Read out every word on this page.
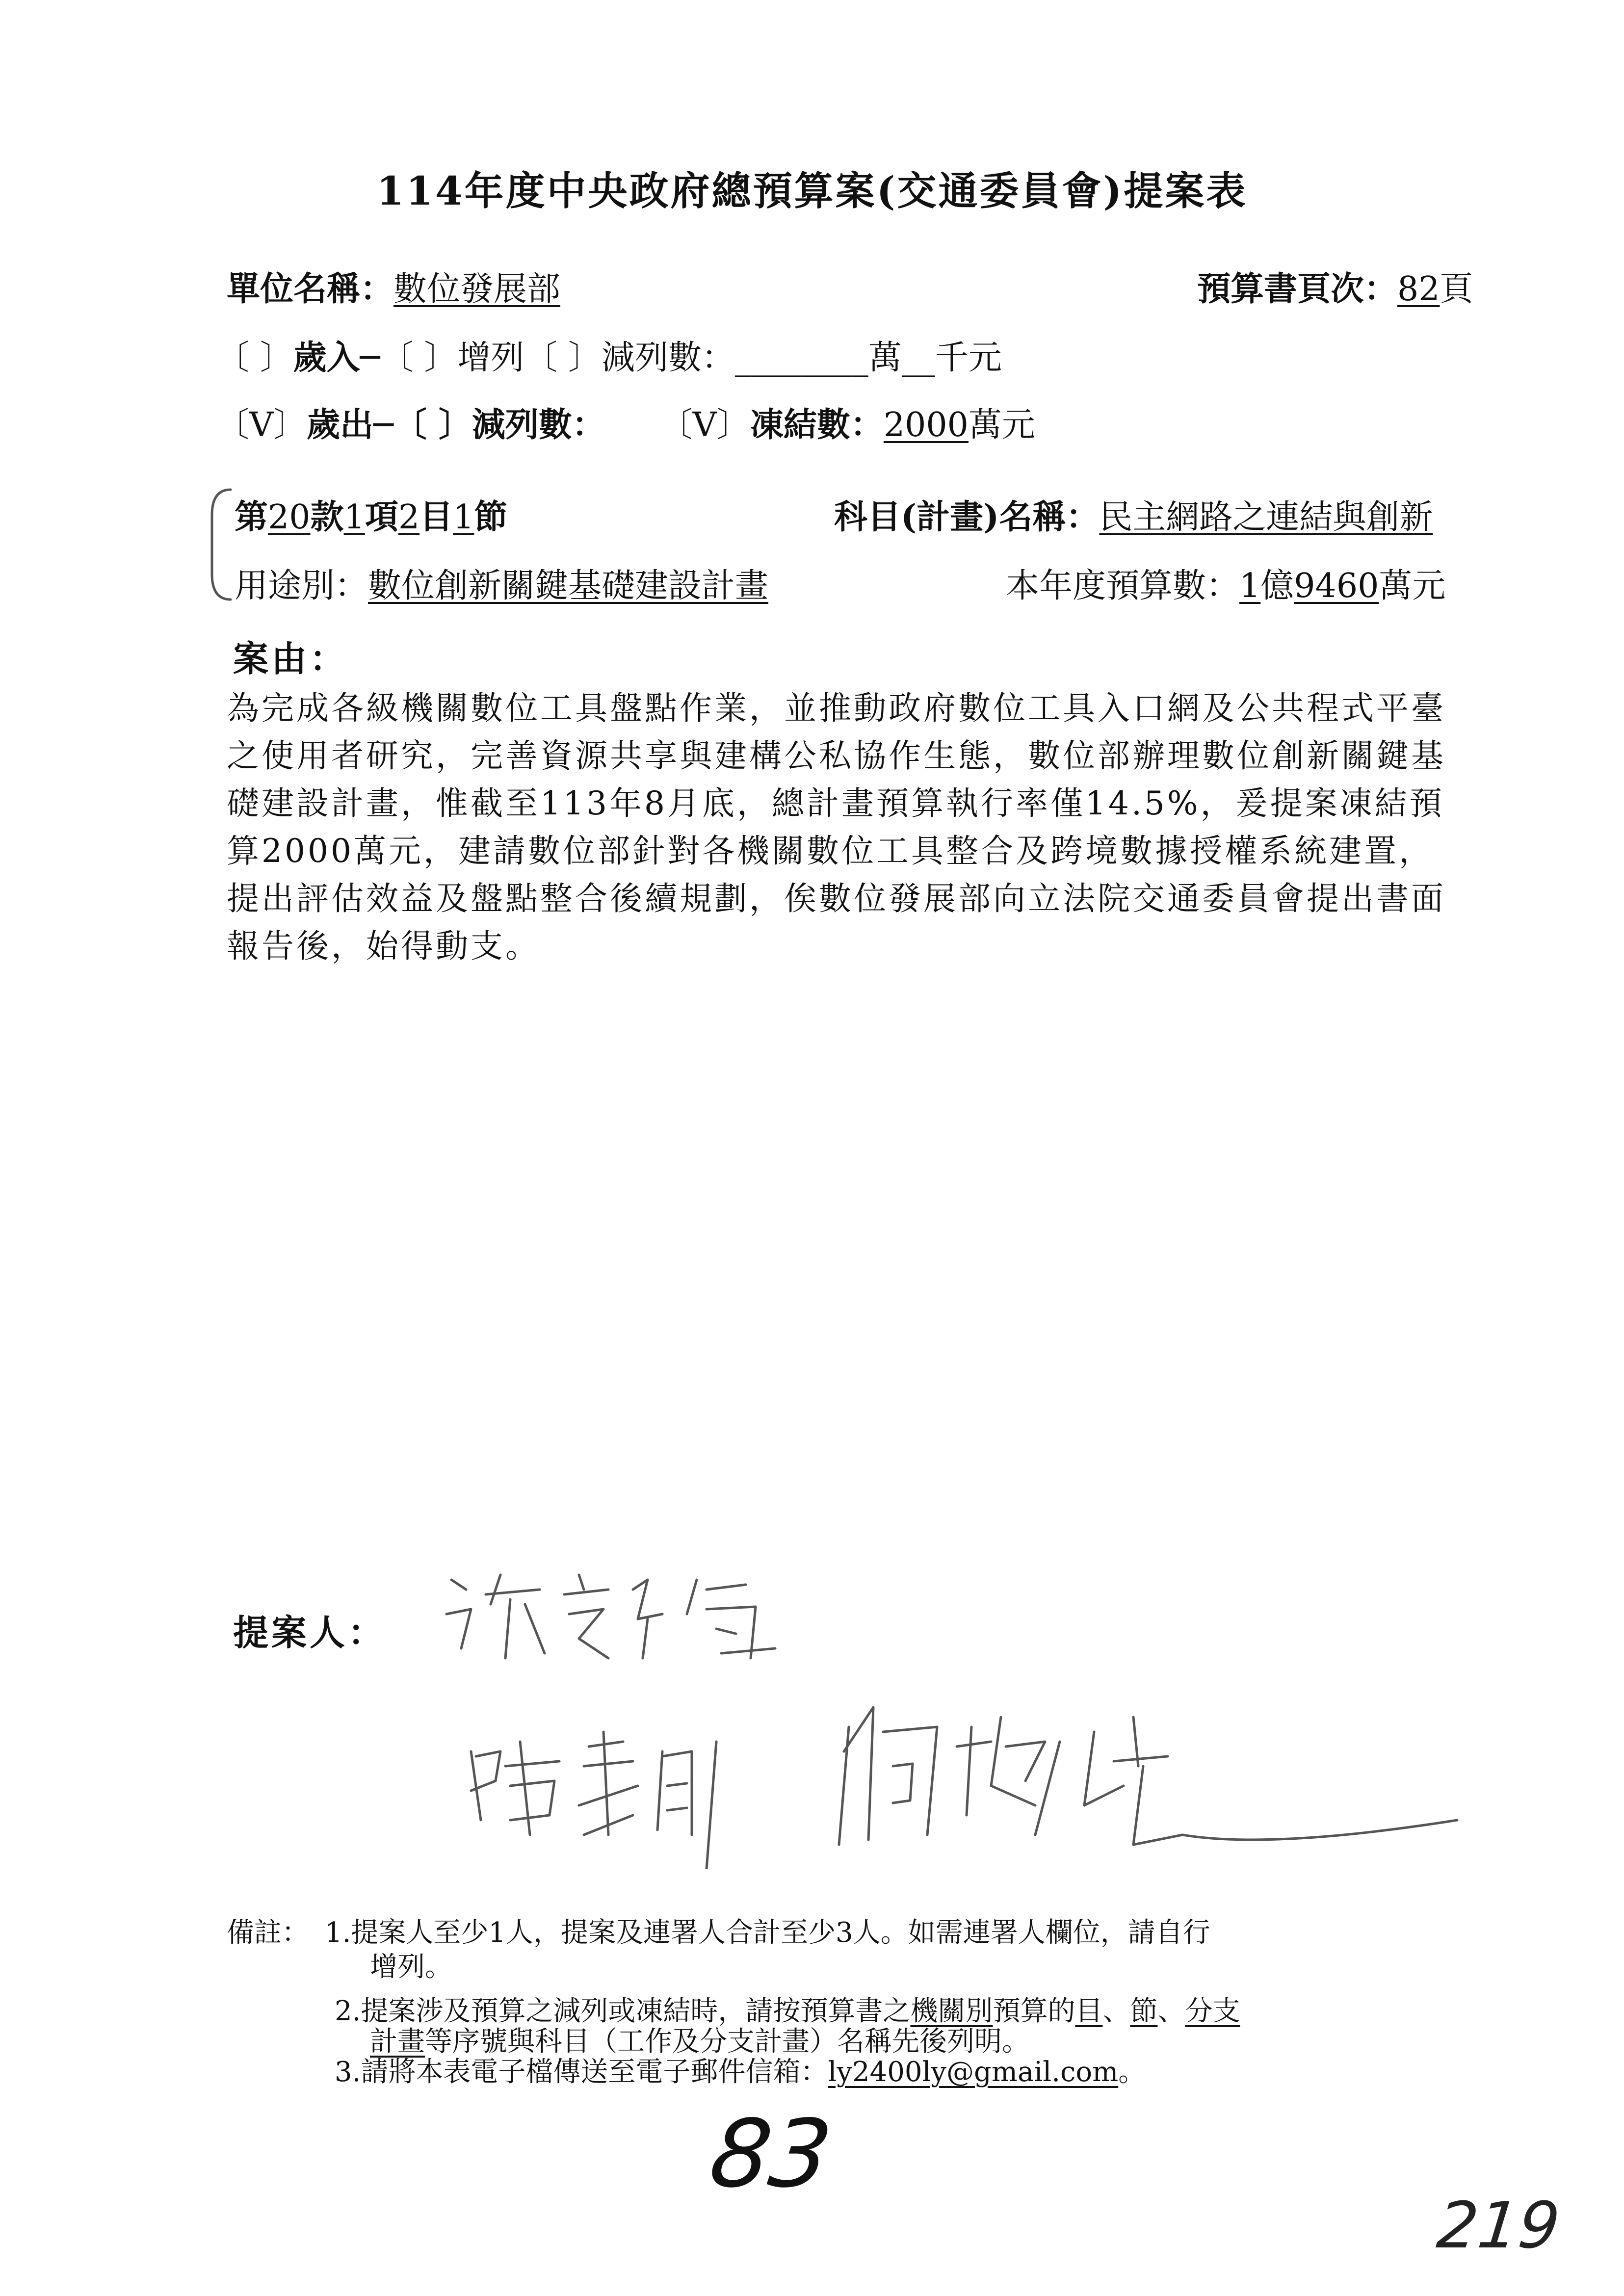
114年度中央政府總預算案(交通委員會)提案表
單位名稱：數位發展部	預算書頁次：82頁
〔 〕歲入─〔 〕增列〔 〕減列數：________萬__千元
〔V〕歲出─〔 〕減列數： 〔V〕凍結數：2000萬元
第20款1項2目1節	科目(計畫)名稱：民主網路之連結與創新
用途別：數位創新關鍵基礎建設計畫	本年度預算數：1億9460萬元
案由：
為完成各級機關數位工具盤點作業，並推動政府數位工具入口網及公共程式平臺之使用者研究，完善資源共享與建構公私協作生態，數位部辦理數位創新關鍵基礎建設計畫，惟截至113年8月底，總計畫預算執行率僅14.5%，爰提案凍結預算2000萬元，建請數位部針對各機關數位工具整合及跨境數據授權系統建置，提出評估效益及盤點整合後續規劃，俟數位發展部向立法院交通委員會提出書面報告後，始得動支。
提案人：
備註： 1.提案人至少1人，提案及連署人合計至少3人。如需連署人欄位，請自行
增列。
2.提案涉及預算之減列或凍結時，請按預算書之機關別預算的目、節、分支
計畫等序號與科目（工作及分支計畫）名稱先後列明。
3.請將本表電子檔傳送至電子郵件信箱：ly2400ly@gmail.com。
83
219
